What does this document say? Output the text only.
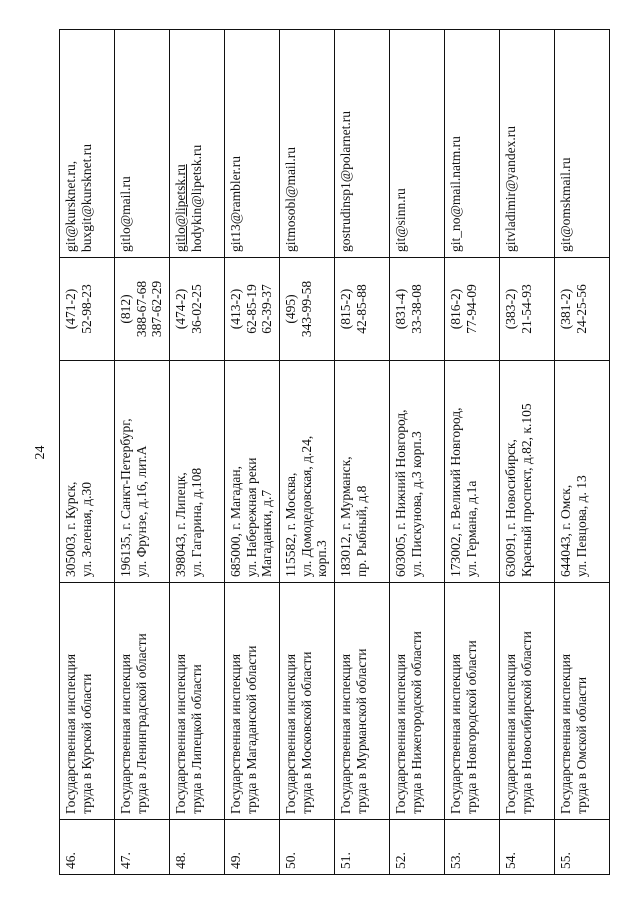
24
46.	Государственная инспекция труда в Курской области	305003, г. Курск, ул. Зеленая, д.30	(471-2) 52-98-23	git@kursknet.ru, buxgit@kursknet.ru

47.	Государственная инспекция труда в Ленинградской области	196135, г. Санкт-Петербург, ул. Фрунзе, д.16, лит.А	(812) 388-67-68 387-62-29	gitlo@mail.ru

48.	Государственная инспекция труда в Липецкой области	398043, г. Липецк, ул. Гагарина, д.108	(474-2) 36-02-25	gitlo@lipetsk.ru hodykin@lipetsk.ru

49.	Государственная инспекция труда в Магаданской области	685000, г. Магадан, ул. Набережная реки Магаданки, д.7	(413-2) 62-85-19 62-39-37	git13@rambler.ru

50.	Государственная инспекция труда в Московской области	115582, г. Москва, ул. Домодедовская, д.24, корп.3	(495) 343-99-58	gitmosobl@mail.ru

51.	Государственная инспекция труда в Мурманской области	183012, г. Мурманск, пр. Рыбный, д.8	(815-2) 42-85-88	gostrudinsp1@polarnet.ru

52.	Государственная инспекция труда в Нижегородской области	603005, г. Нижний Новгород, ул. Пискунова, д.3 корп.3	(831-4) 33-38-08	git@sinn.ru

53.	Государственная инспекция труда в Новгородской области	173002, г. Великий Новгород, ул. Германа, д.1а	(816-2) 77-94-09	git_no@mail.natm.ru

54.	Государственная инспекция труда в Новосибирской области	630091, г. Новосибирск, Красный проспект, д.82, к.105	(383-2) 21-54-93	gitvladimir@yandex.ru

55.	Государственная инспекция труда в Омской области	644043, г. Омск, ул. Певцова, д. 13	(381-2) 24-25-56	git@omskmail.ru
